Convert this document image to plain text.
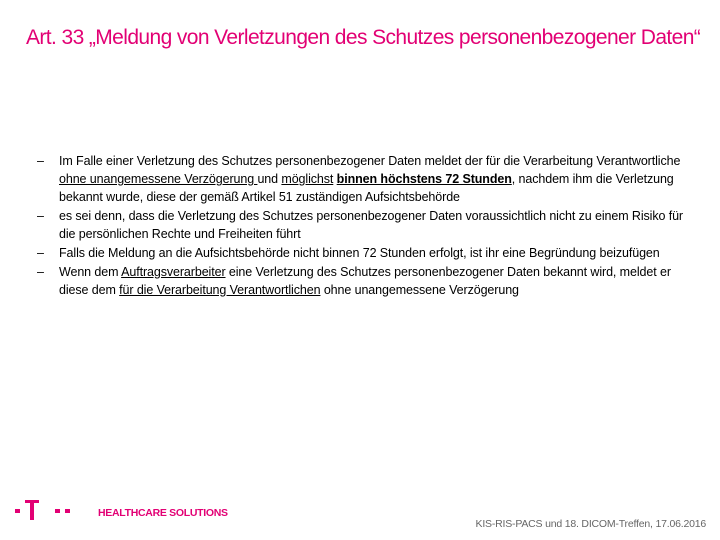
Art. 33 „Meldung von Verletzungen des Schutzes personenbezogener Daten“
– Im Falle einer Verletzung des Schutzes personenbezogener Daten meldet der für die Verarbeitung Verantwortliche ohne unangemessene Verzögerung und möglichst binnen höchstens 72 Stunden, nachdem ihm die Verletzung bekannt wurde, diese der gemäß Artikel 51 zuständigen Aufsichtsbehörde
– es sei denn, dass die Verletzung des Schutzes personenbezogener Daten voraussichtlich nicht zu einem Risiko für die persönlichen Rechte und Freiheiten führt
– Falls die Meldung an die Aufsichtsbehörde nicht binnen 72 Stunden erfolgt, ist ihr eine Begründung beizufügen
– Wenn dem Auftragsverarbeiter eine Verletzung des Schutzes personenbezogener Daten bekannt wird, meldet er diese dem für die Verarbeitung Verantwortlichen ohne unangemessene Verzögerung
HEALTHCARE SOLUTIONS
KIS-RIS-PACS und 18. DICOM-Treffen, 17.06.2016
